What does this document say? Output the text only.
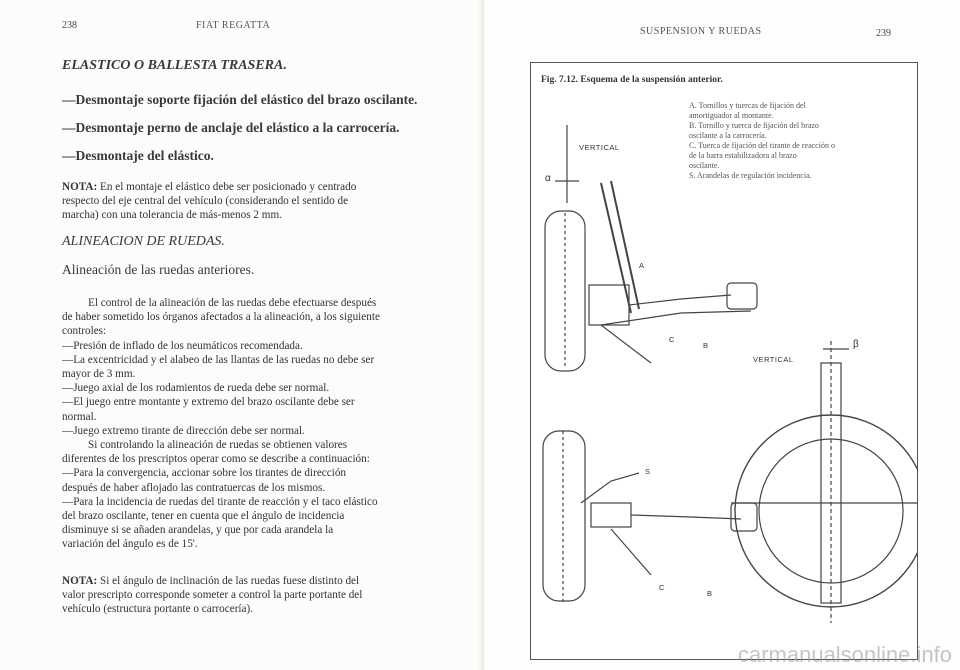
238	FIAT REGATTA
ELASTICO O BALLESTA TRASERA.
—Desmontaje soporte fijación del elástico del brazo oscilante.
—Desmontaje perno de anclaje del elástico a la carrocería.
—Desmontaje del elástico.
NOTA: En el montaje el elástico debe ser posicionado y centrado
respecto del eje central del vehículo (considerando el sentido de
marcha) con una tolerancia de más-menos 2 mm.
ALINEACION DE RUEDAS.
Alineación de las ruedas anteriores.
El control de la alineación de las ruedas debe efectuarse después
de haber sometido los órganos afectados a la alineación, a los siguiente
controles:
—Presión de inflado de los neumáticos recomendada.
—La excentricidad y el alabeo de las llantas de las ruedas no debe ser
mayor de 3 mm.
—Juego axial de los rodamientos de rueda debe ser normal.
—El juego entre montante y extremo del brazo oscilante debe ser
normal.
—Juego extremo tirante de dirección debe ser normal.
Si controlando la alineación de ruedas se obtienen valores
diferentes de los prescriptos operar como se describe a continuación:
—Para la convergencia, accionar sobre los tirantes de dirección
después de haber aflojado las contratuercas de los mismos.
—Para la incidencia de ruedas del tirante de reacción y el taco elástico
del brazo oscilante, tener en cuenta que el ángulo de incidencia
disminuye si se añaden arandelas, y que por cada arandela la
variación del ángulo es de 15'.
NOTA: Si el ángulo de inclinación de las ruedas fuese distinto del
valor prescripto corresponde someter a control la parte portante del
vehículo (estructura portante o carrocería).
SUSPENSION Y RUEDAS	239
Fig. 7.12. Esquema de la suspensión anterior.
A. Tornillos y tuercas de fijación del
amortiguador al montante.
B. Tornillo y tuerca de fijación del brazo
oscilante a la carrocería.
C. Tuerca de fijación del tirante de reacción o
de la barra estabilizadora al brazo
oscilante.
S. Arandelas de regulación incidencia.
VERTICAL
α
A
C
B
S
C
B
VERTICAL
β
carmanualsonline.info
